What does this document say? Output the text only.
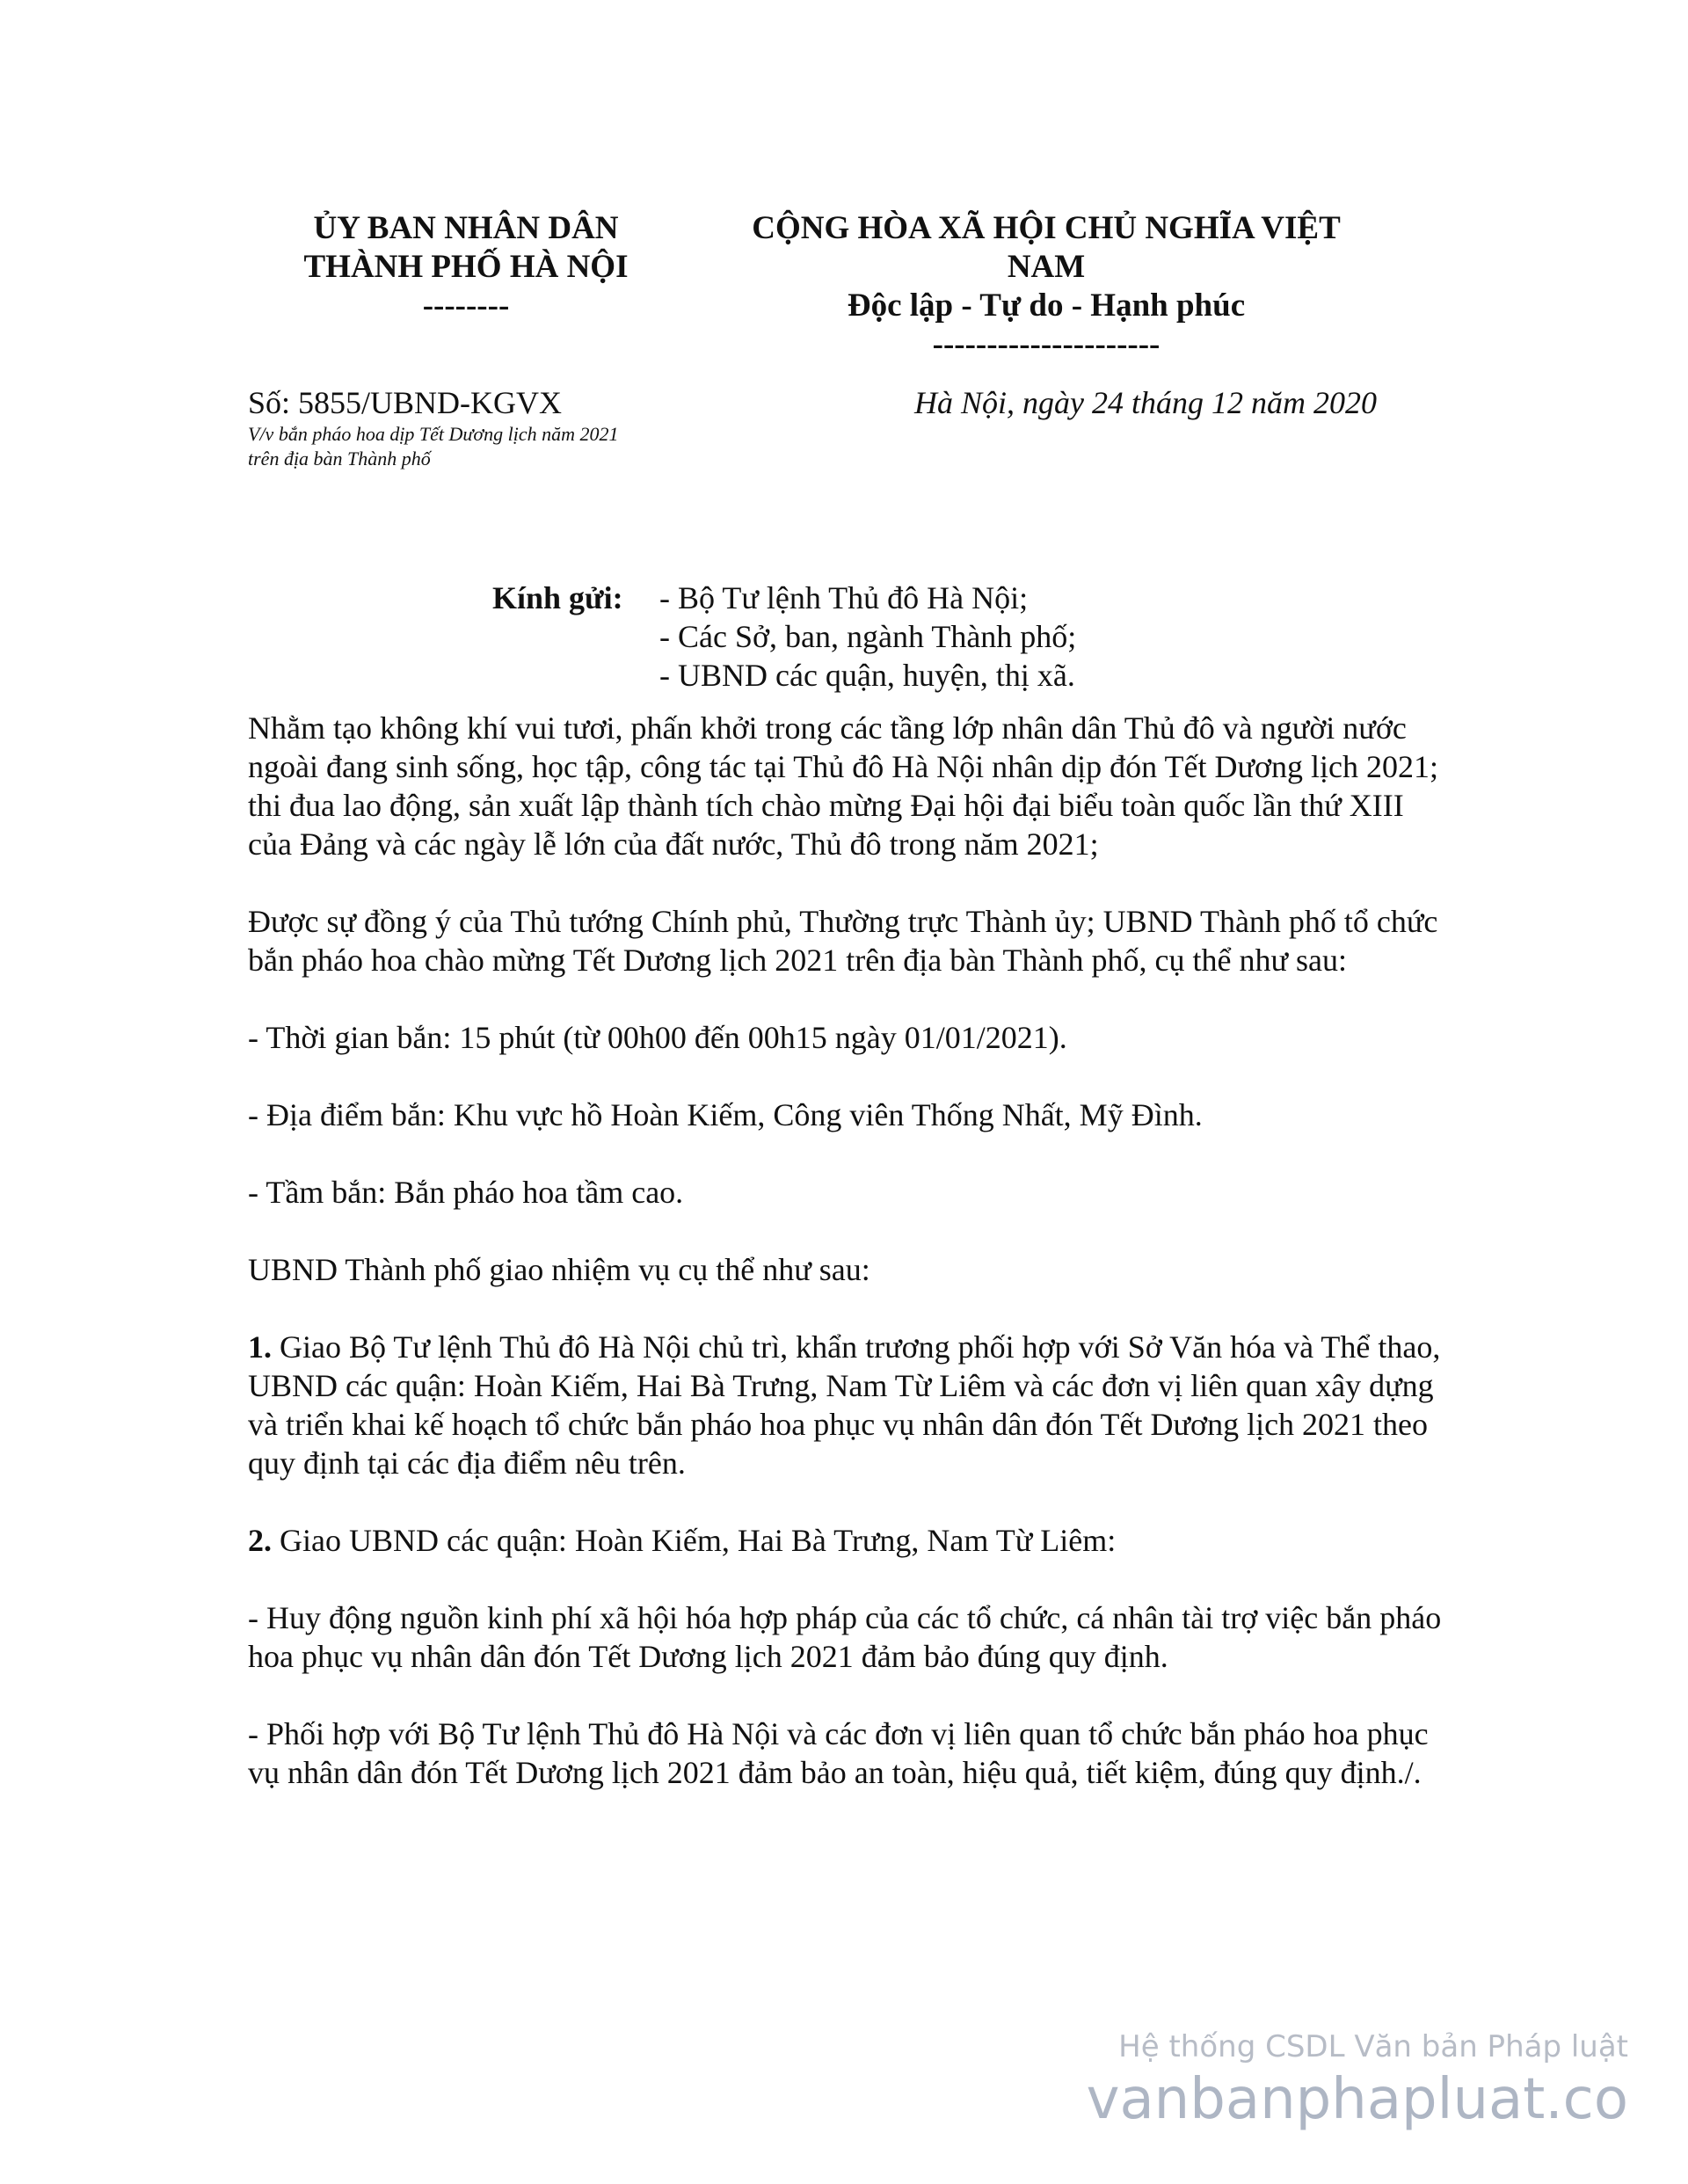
ỦY BAN NHÂN DÂN
THÀNH PHỐ HÀ NỘI
--------
CỘNG HÒA XÃ HỘI CHỦ NGHĨA VIỆT
NAM
Độc lập - Tự do - Hạnh phúc
---------------------
Số: 5855/UBND-KGVX
V/v bắn pháo hoa dịp Tết Dương lịch năm 2021
trên địa bàn Thành phố
Hà Nội, ngày 24 tháng 12 năm 2020
Kính gửi:	- Bộ Tư lệnh Thủ đô Hà Nội;
- Các Sở, ban, ngành Thành phố;
- UBND các quận, huyện, thị xã.

Nhằm tạo không khí vui tươi, phấn khởi trong các tầng lớp nhân dân Thủ đô và người nước ngoài đang sinh sống, học tập, công tác tại Thủ đô Hà Nội nhân dịp đón Tết Dương lịch 2021; thi đua lao động, sản xuất lập thành tích chào mừng Đại hội đại biểu toàn quốc lần thứ XIII của Đảng và các ngày lễ lớn của đất nước, Thủ đô trong năm 2021;

Được sự đồng ý của Thủ tướng Chính phủ, Thường trực Thành ủy; UBND Thành phố tổ chức bắn pháo hoa chào mừng Tết Dương lịch 2021 trên địa bàn Thành phố, cụ thể như sau:

- Thời gian bắn: 15 phút (từ 00h00 đến 00h15 ngày 01/01/2021).

- Địa điểm bắn: Khu vực hồ Hoàn Kiếm, Công viên Thống Nhất, Mỹ Đình.

- Tầm bắn: Bắn pháo hoa tầm cao.

UBND Thành phố giao nhiệm vụ cụ thể như sau:

1. Giao Bộ Tư lệnh Thủ đô Hà Nội chủ trì, khẩn trương phối hợp với Sở Văn hóa và Thể thao, UBND các quận: Hoàn Kiếm, Hai Bà Trưng, Nam Từ Liêm và các đơn vị liên quan xây dựng và triển khai kế hoạch tổ chức bắn pháo hoa phục vụ nhân dân đón Tết Dương lịch 2021 theo quy định tại các địa điểm nêu trên.

2. Giao UBND các quận: Hoàn Kiếm, Hai Bà Trưng, Nam Từ Liêm:

- Huy động nguồn kinh phí xã hội hóa hợp pháp của các tổ chức, cá nhân tài trợ việc bắn pháo hoa phục vụ nhân dân đón Tết Dương lịch 2021 đảm bảo đúng quy định.

- Phối hợp với Bộ Tư lệnh Thủ đô Hà Nội và các đơn vị liên quan tổ chức bắn pháo hoa phục vụ nhân dân đón Tết Dương lịch 2021 đảm bảo an toàn, hiệu quả, tiết kiệm, đúng quy định./.

Hệ thống CSDL Văn bản Pháp luật
vanbanphapluat.co
